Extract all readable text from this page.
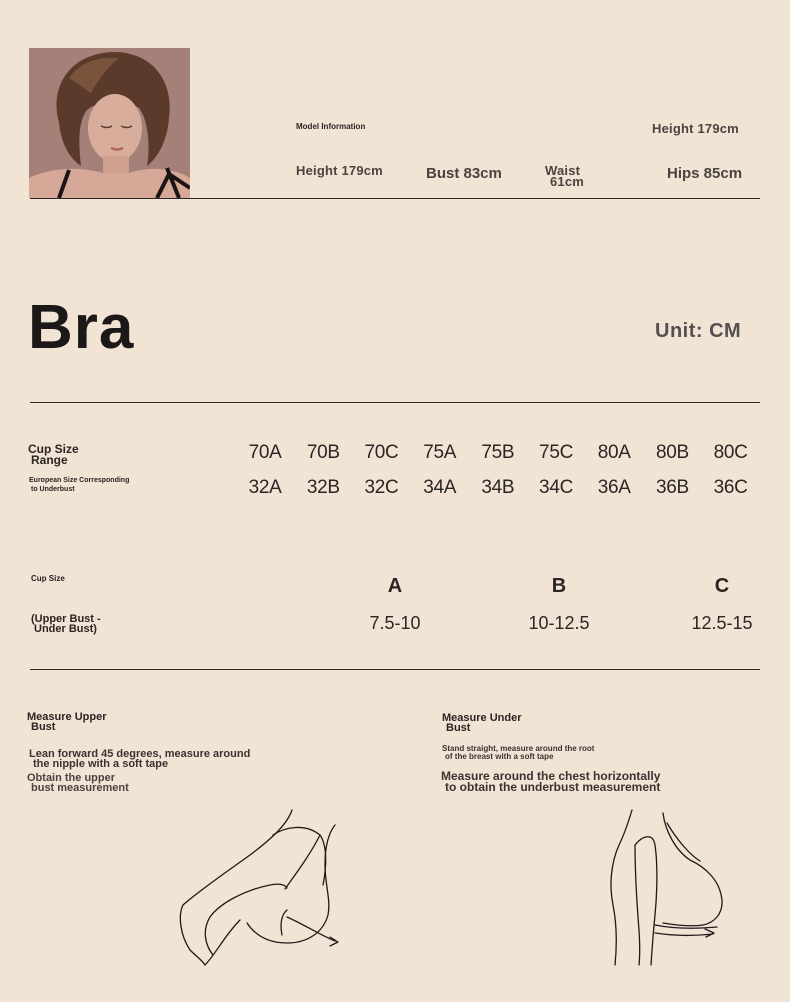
Model Information	Height 179cm
Height 179cm	Bust 83cm	Waist
61cm	Hips 85cm
Bra	Unit: CM
Cup Size
Range	70A	70B	70C	75A	75B	75C	80A	80B	80C
European Size Corresponding
to Underbust	32A	32B	32C	34A	34B	34C	36A	36B	36C
Cup Size	A	B	C
(Upper Bust -
Under Bust)	7.5-10	10-12.5	12.5-15
Measure Upper
Bust
Lean forward 45 degrees, measure around
the nipple with a soft tape
Obtain the upper
bust measurement
Measure Under
Bust
Stand straight, measure around the root
of the breast with a soft tape
Measure around the chest horizontally
to obtain the underbust measurement
